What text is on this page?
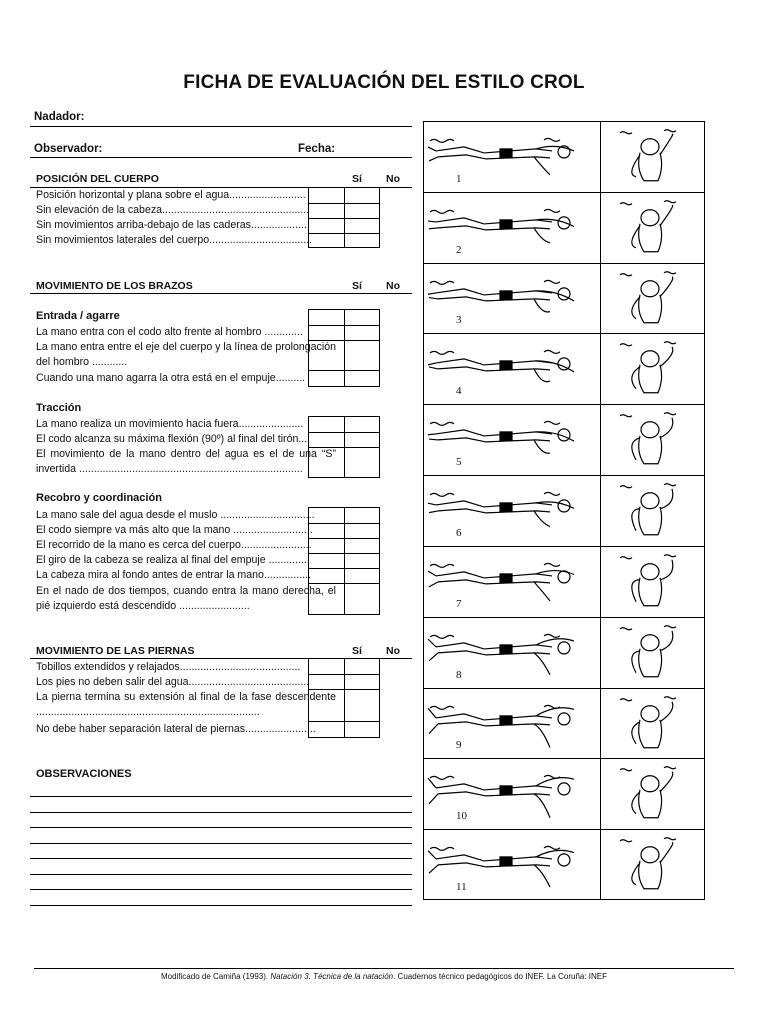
FICHA DE EVALUACIÓN DEL ESTILO CROL
Nadador:
Observador:	Fecha:
POSICIÓN DEL CUERPO	Sí No
Posición horizontal y plana sobre el agua..........................
Sin elevación de la cabeza..................................................
Sin movimientos arriba-debajo de las caderas....................
Sin movimientos laterales del cuerpo...................................
MOVIMIENTO DE LOS BRAZOS	Sí No
Entrada / agarre
La mano entra con el codo alto frente al hombro .............
La mano entra entre el eje del cuerpo y la línea de prolongación del hombro ............
Cuando una mano agarra la otra está en el empuje..........
Tracción
La mano realiza un movimiento hacia fuera......................
El codo alcanza su máxima flexión (90º) al final del tirón...
El movimiento de la mano dentro del agua es el de una “S” invertida ............................................................................
Recobro y coordinación
La mano sale del agua desde el muslo ................................
El codo siempre va más alto que la mano ...........................
El recorrido de la mano es cerca del cuerpo........................
El giro de la cabeza se realiza al final del empuje ..............
La cabeza mira al fondo antes de entrar la mano................
En el nado de dos tiempos, cuando entra la mano derecha, el pié izquierdo está descendido ........................
MOVIMIENTO DE LAS PIERNAS	Sí No
Tobillos extendidos y relajados.........................................
Los pies no deben salir del agua.........................................
La pierna termina su extensión al final de la fase descendente ............................................................................
No debe haber separación lateral de piernas........................
OBSERVACIONES
1
2
3
4
5
6
7
8
9
10
11
Modificado de Camiña (1993). Natación 3. Técnica de la natación. Cuadernos técnico pedagógicos do INEF. La Coruña: INEF
